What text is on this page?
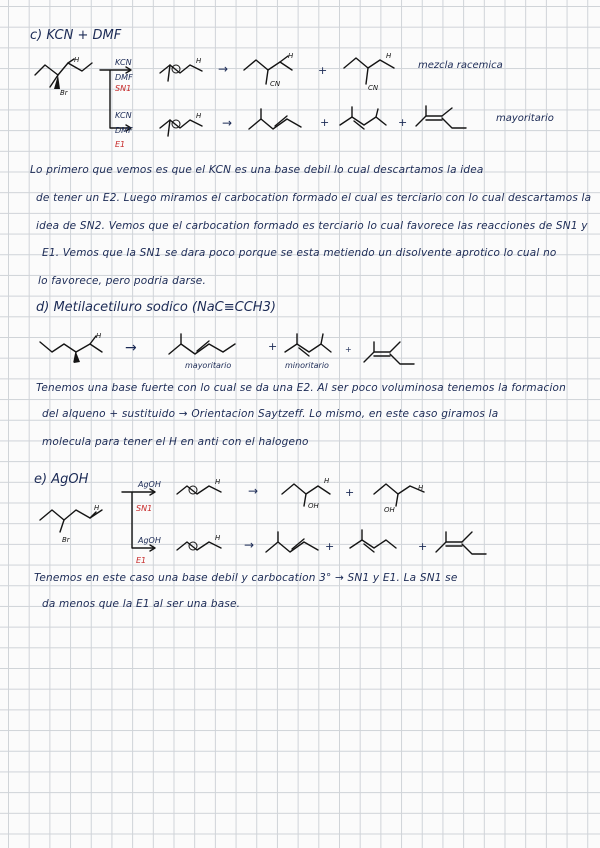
c) KCN + DMF
H
Br
KCN
DMF
SN1
KCN
DMF
E1
H
→
H
CN
+
H
CN
mezcla racemica
H →	+	+	mayoritario
Lo primero que vemos es que el KCN es una base debil lo cual descartamos la idea
de tener un E2. Luego miramos el carbocation formado el cual es terciario con lo cual descartamos la
idea de SN2. Vemos que el carbocation formado es terciario lo cual favorece las reacciones de SN1 y
E1. Vemos que la SN1 se dara poco porque se esta metiendo un disolvente aprotico lo cual no
lo favorece, pero podria darse.
d) Metilacetiluro sodico (NaC≡CCH3)
H
→
mayoritario
+
minoritario
+
Tenemos una base fuerte con lo cual se da una E2. Al ser poco voluminosa tenemos la formacion
del alqueno + sustituido → Orientacion Saytzeff. Lo mismo, en este caso giramos la
molecula para tener el H en anti con el halogeno
e) AgOH
H
Br
AgOH
SN1
AgOH
E1
H
→
H
OH
+	H
OH
H →	+	+
Tenemos en este caso una base debil y carbocation 3° → SN1 y E1. La SN1 se
da menos que la E1 al ser una base.
